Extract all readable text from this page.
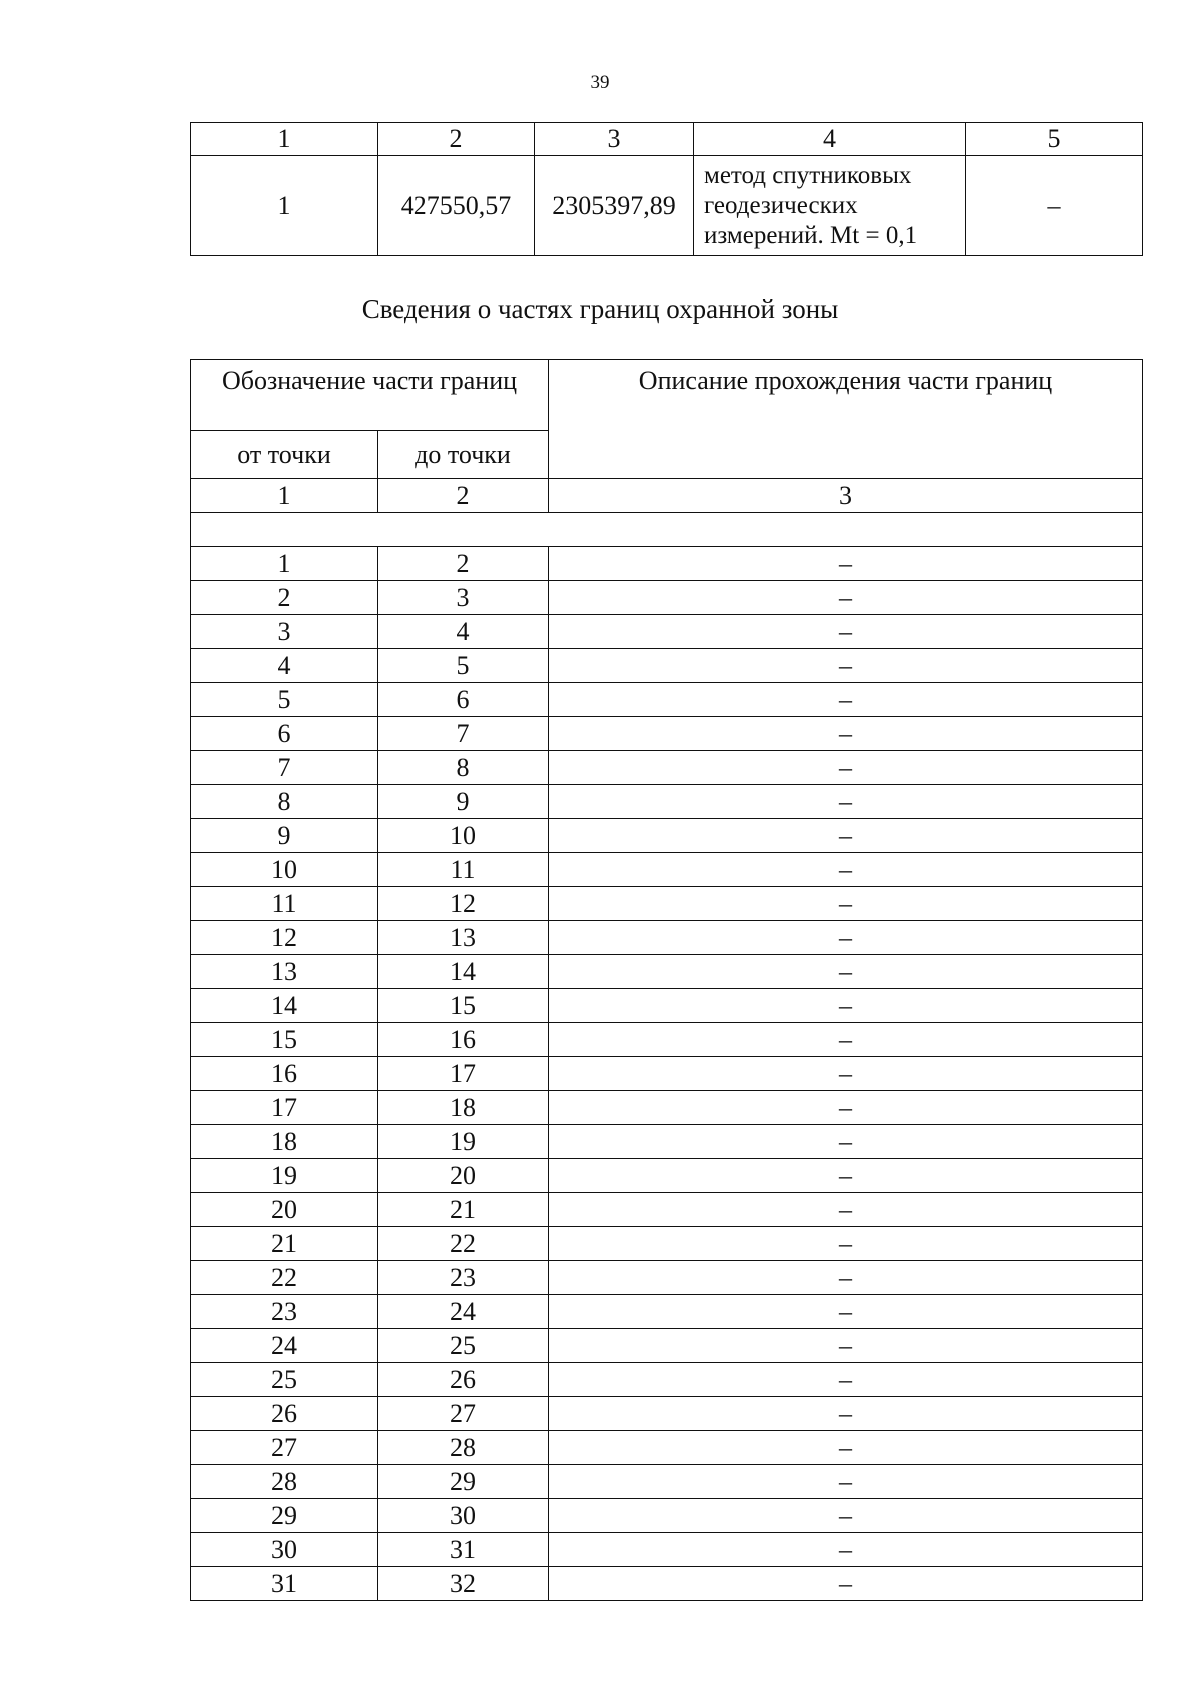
39
1	2	3	4	5
1	427550,57	2305397,89	метод спутниковых
геодезических
измерений. Mt = 0,1	–
Сведения о частях границ охранной зоны
Обозначение части границ		Описание прохождения части границ
от точки	до точки	
1	2	3

1	2	–
2	3	–
3	4	–
4	5	–
5	6	–
6	7	–
7	8	–
8	9	–
9	10	–
10	11	–
11	12	–
12	13	–
13	14	–
14	15	–
15	16	–
16	17	–
17	18	–
18	19	–
19	20	–
20	21	–
21	22	–
22	23	–
23	24	–
24	25	–
25	26	–
26	27	–
27	28	–
28	29	–
29	30	–
30	31	–
31	32	–
